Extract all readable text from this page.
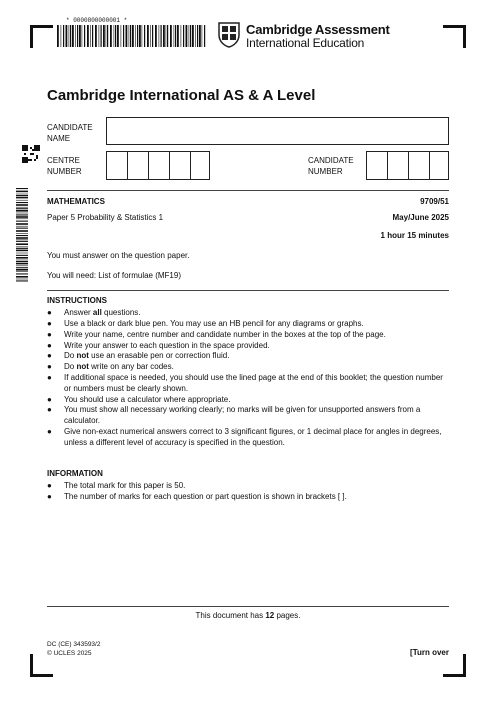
* 0000800000001 *
Cambridge Assessment
International Education
Cambridge International AS & A Level
CANDIDATE NAME
CENTRE NUMBER
CANDIDATE NUMBER
MATHEMATICS	9709/51
Paper 5 Probability & Statistics 1	May/June 2025
1 hour 15 minutes
You must answer on the question paper.
You will need: List of formulae (MF19)
INSTRUCTIONS
● Answer all questions.
● Use a black or dark blue pen. You may use an HB pencil for any diagrams or graphs.
● Write your name, centre number and candidate number in the boxes at the top of the page.
● Write your answer to each question in the space provided.
● Do not use an erasable pen or correction fluid.
● Do not write on any bar codes.
● If additional space is needed, you should use the lined page at the end of this booklet; the question number or numbers must be clearly shown.
● You should use a calculator where appropriate.
● You must show all necessary working clearly; no marks will be given for unsupported answers from a calculator.
● Give non-exact numerical answers correct to 3 significant figures, or 1 decimal place for angles in degrees, unless a different level of accuracy is specified in the question.
INFORMATION
● The total mark for this paper is 50.
● The number of marks for each question or part question is shown in brackets [ ].
This document has 12 pages.
DC (CE) 343593/2
© UCLES 2025	[Turn over
